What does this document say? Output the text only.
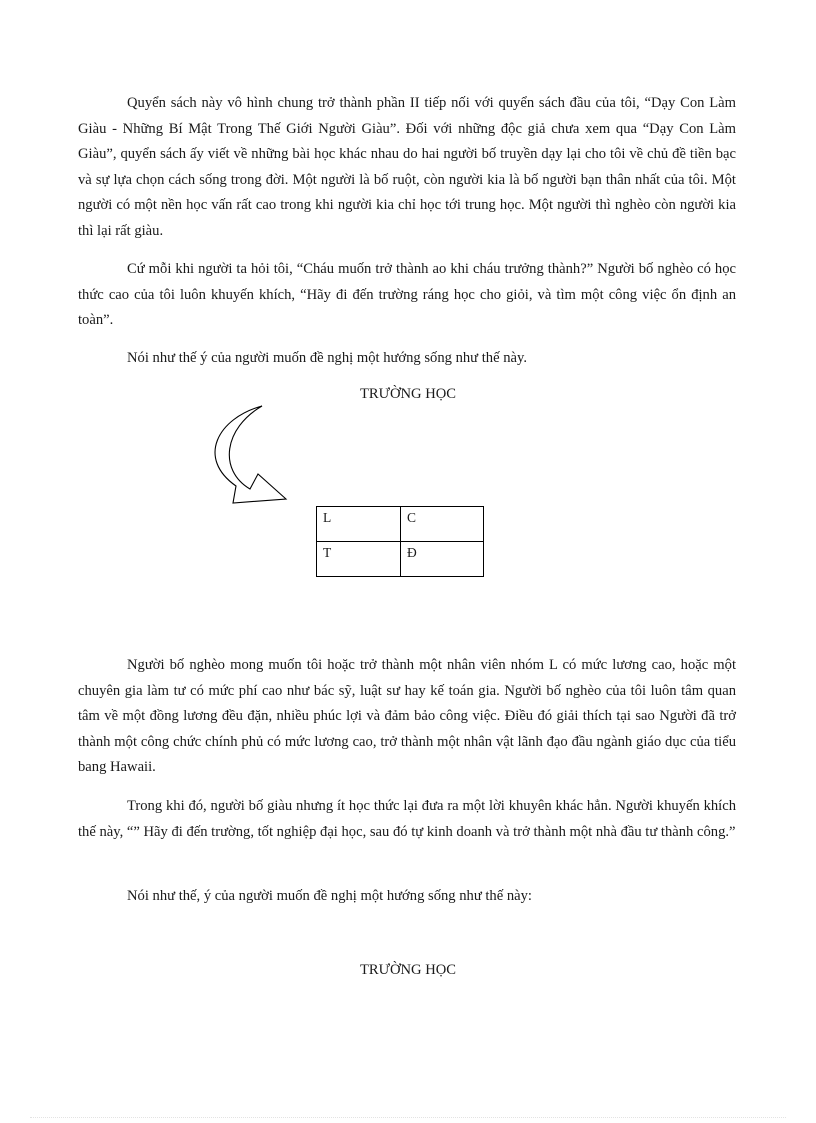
Quyển sách này vô hình chung trở thành phần II tiếp nối với quyển sách đầu của tôi, “Dạy Con Làm Giàu - Những Bí Mật Trong Thế Giới Người Giàu”. Đối với những độc giả chưa xem qua “Dạy Con Làm Giàu”, quyển sách ấy viết về những bài học khác nhau do hai người bố truyền dạy lại cho tôi về chủ đề tiền bạc và sự lựa chọn cách sống trong đời. Một người là bố ruột, còn người kia là bố người bạn thân nhất của tôi. Một người có một nền học vấn rất cao trong khi người kia chỉ học tới trung học. Một người thì nghèo còn người kia thì lại rất giàu.

Cứ mỗi khi người ta hỏi tôi, “Cháu muốn trở thành ao khi cháu trưởng thành?” Người bố nghèo có học thức cao của tôi luôn khuyến khích, “Hãy đi đến trường ráng học cho giỏi, và tìm một công việc ổn định an toàn”.

Nói như thế ý của người muốn đề nghị một hướng sống như thế này.

TRƯỜNG HỌC

L	C
T	Đ

Người bố nghèo mong muốn tôi hoặc trở thành một nhân viên nhóm L có mức lương cao, hoặc một chuyên gia làm tư có mức phí cao như bác sỹ, luật sư hay kế toán gia. Người bố nghèo của tôi luôn tâm quan tâm về một đồng lương đều đặn, nhiều phúc lợi và đảm bảo công việc. Điều đó giải thích tại sao Người đã trở thành một công chức chính phủ có mức lương cao, trở thành một nhân vật lãnh đạo đầu ngành giáo dục của tiểu bang Hawaii.

Trong khi đó, người bố giàu nhưng ít học thức lại đưa ra một lời khuyên khác hẳn. Người khuyến khích thế này, “” Hãy đi đến trường, tốt nghiệp đại học, sau đó tự kinh doanh và trở thành một nhà đầu tư thành công.”

Nói như thế, ý của người muốn đề nghị một hướng sống như thế này:

TRƯỜNG HỌC
